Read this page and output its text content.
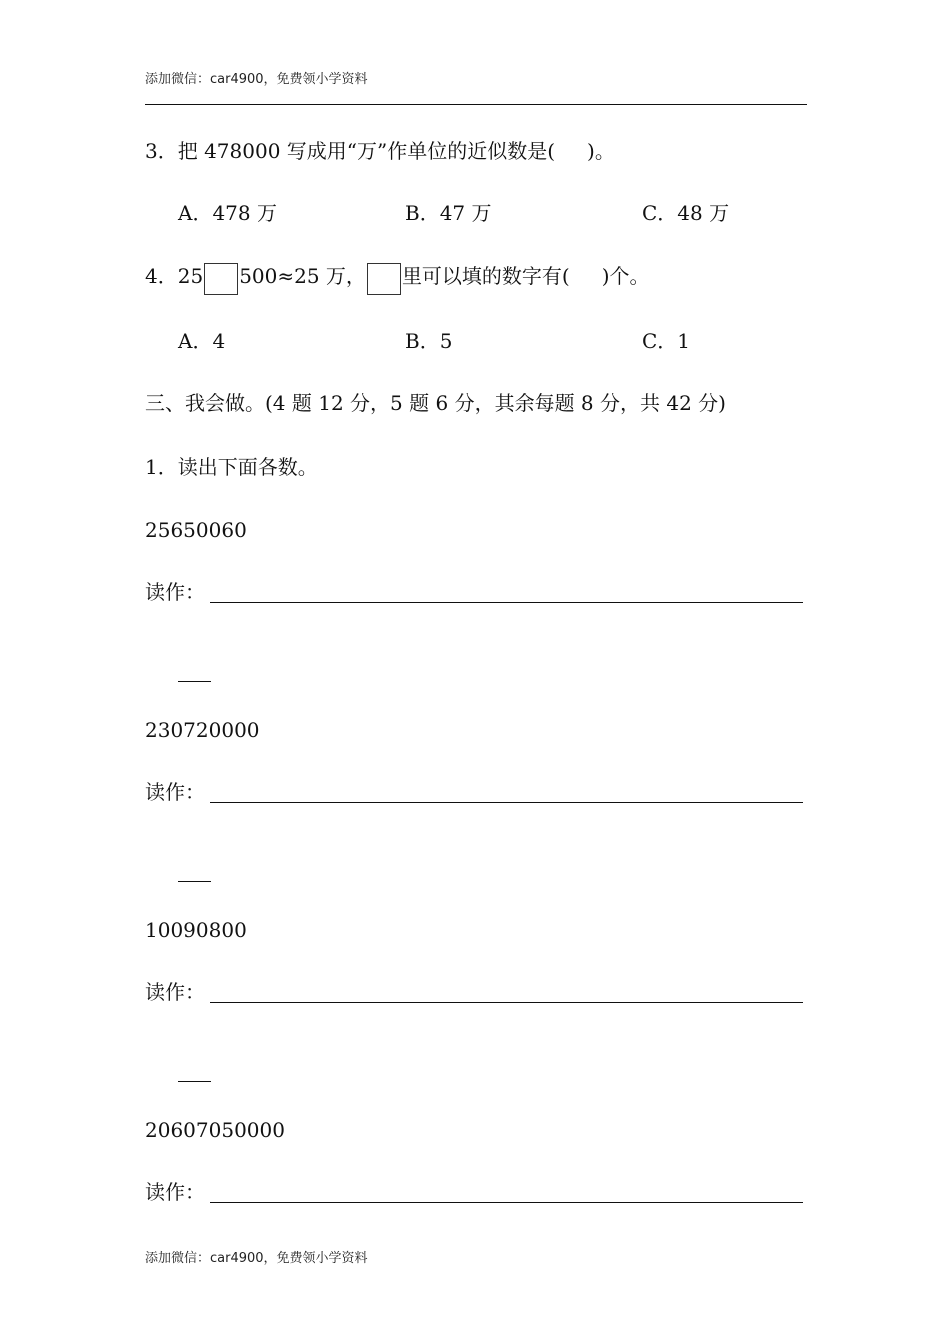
添加微信：car4900，免费领小学资料
3．把 478000 写成用“万”作单位的近似数是( )。
A．478 万	B．47 万	C．48 万
4．25 500≈25 万， 里可以填的数字有( )个。
A．4	B．5	C．1
三、我会做。(4 题 12 分，5 题 6 分，其余每题 8 分，共 42 分)
1．读出下面各数。
25650060
读作：
230720000
读作：
10090800
读作：
20607050000
读作：
添加微信：car4900，免费领小学资料
